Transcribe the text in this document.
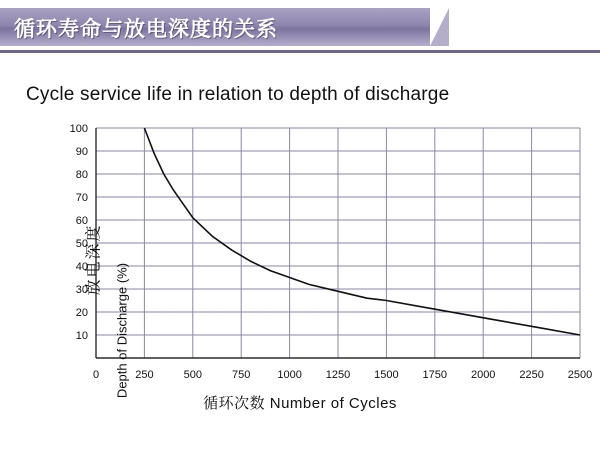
循环寿命与放电深度的关系
Cycle service life in relation to depth of discharge
放电深度
Depth of Discharge (%)
10
20
30
40
50
60
70
80
90
100
0	250	500	750 1000 1250 1500 1750 2000 2250 2500
循环次数 Number of Cycles
